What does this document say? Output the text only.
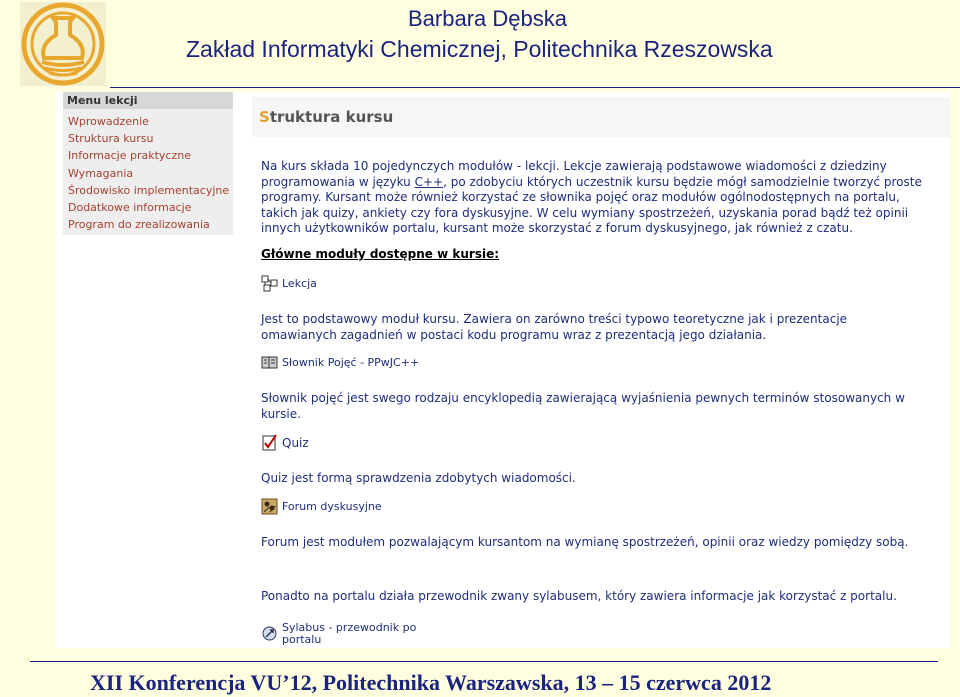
Barbara Dębska
Zakład Informatyki Chemicznej, Politechnika Rzeszowska
Menu lekcji
Wprowadzenie
Struktura kursu
Informacje praktyczne
Wymagania
Środowisko implementacyjne
Dodatkowe informacje
Program do zrealizowania
Struktura kursu
Na kurs składa 10 pojedynczych modułów - lekcji. Lekcje zawierają podstawowe wiadomości z dziedziny
programowania w języku C++, po zdobyciu których uczestnik kursu będzie mógł samodzielnie tworzyć proste
programy. Kursant może również korzystać ze słownika pojęć oraz modułów ogólnodostępnych na portalu,
takich jak quizy, ankiety czy fora dyskusyjne. W celu wymiany spostrzeżeń, uzyskania porad bądź też opinii
innych użytkowników portalu, kursant może skorzystać z forum dyskusyjnego, jak również z czatu.
Główne moduły dostępne w kursie:
Lekcja
Jest to podstawowy moduł kursu. Zawiera on zarówno treści typowo teoretyczne jak i prezentacje
omawianych zagadnień w postaci kodu programu wraz z prezentacją jego działania.
Słownik Pojęć - PPwJC++
Słownik pojęć jest swego rodzaju encyklopedią zawierającą wyjaśnienia pewnych terminów stosowanych w
kursie.
Quiz
Quiz jest formą sprawdzenia zdobytych wiadomości.
Forum dyskusyjne
Forum jest modułem pozwalającym kursantom na wymianę spostrzeżeń, opinii oraz wiedzy pomiędzy sobą.
Ponadto na portalu działa przewodnik zwany sylabusem, który zawiera informacje jak korzystać z portalu.
Sylabus - przewodnik po
portalu
XII Konferencja VU’12, Politechnika Warszawska, 13 – 15 czerwca 2012
